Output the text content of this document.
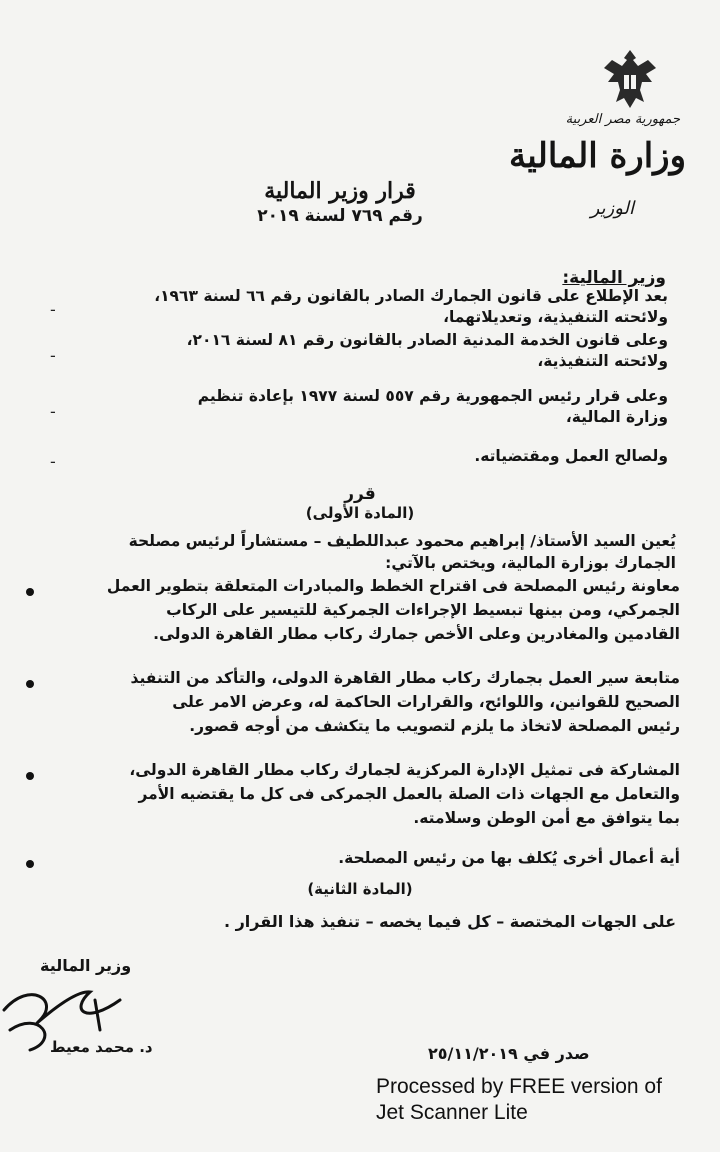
جمهورية مصر العربية
وزارة المالية
الوزير
قرار وزير المالية
رقم ٧٦٩ لسنة ٢٠١٩
وزير المالية:
بعد الإطلاع على قانون الجمارك الصادر بالقانون رقم ٦٦ لسنة ١٩٦٣،
ولائحته التنفيذية، وتعديلاتهما،
وعلى قانون الخدمة المدنية الصادر بالقانون رقم ٨١ لسنة ٢٠١٦،
ولائحته التنفيذية،
وعلى قرار رئيس الجمهورية رقم ٥٥٧ لسنة ١٩٧٧ بإعادة تنظيم
وزارة المالية،
ولصالح العمل ومقتضياته.
-
-
-
-
قرر
(المادة الأولى)
يُعين السيد الأستاذ/ إبراهيم محمود عبداللطيف – مستشاراً لرئيس مصلحة
الجمارك بوزارة المالية، ويختص بالآتي:
معاونة رئيس المصلحة فى اقتراح الخطط والمبادرات المتعلقة بتطوير العمل
الجمركي، ومن بينها تبسيط الإجراءات الجمركية للتيسير على الركاب
القادمين والمغادرين وعلى الأخص جمارك ركاب مطار القاهرة الدولى.
متابعة سير العمل بجمارك ركاب مطار القاهرة الدولى، والتأكد من التنفيذ
الصحيح للقوانين، واللوائح، والقرارات الحاكمة له، وعرض الامر على
رئيس المصلحة لاتخاذ ما يلزم لتصويب ما يتكشف من أوجه قصور.
المشاركة فى تمثيل الإدارة المركزية لجمارك ركاب مطار القاهرة الدولى،
والتعامل مع الجهات ذات الصلة بالعمل الجمركى فى كل ما يقتضيه الأمر
بما يتوافق مع أمن الوطن وسلامته.
أية أعمال أخرى يُكلف بها من رئيس المصلحة.
(المادة الثانية)
على الجهات المختصة – كل فيما يخصه – تنفيذ هذا القرار .
وزير المالية
د. محمد معيط	صدر في ٢٥/١١/٢٠١٩
Processed by FREE version of
Jet Scanner Lite
